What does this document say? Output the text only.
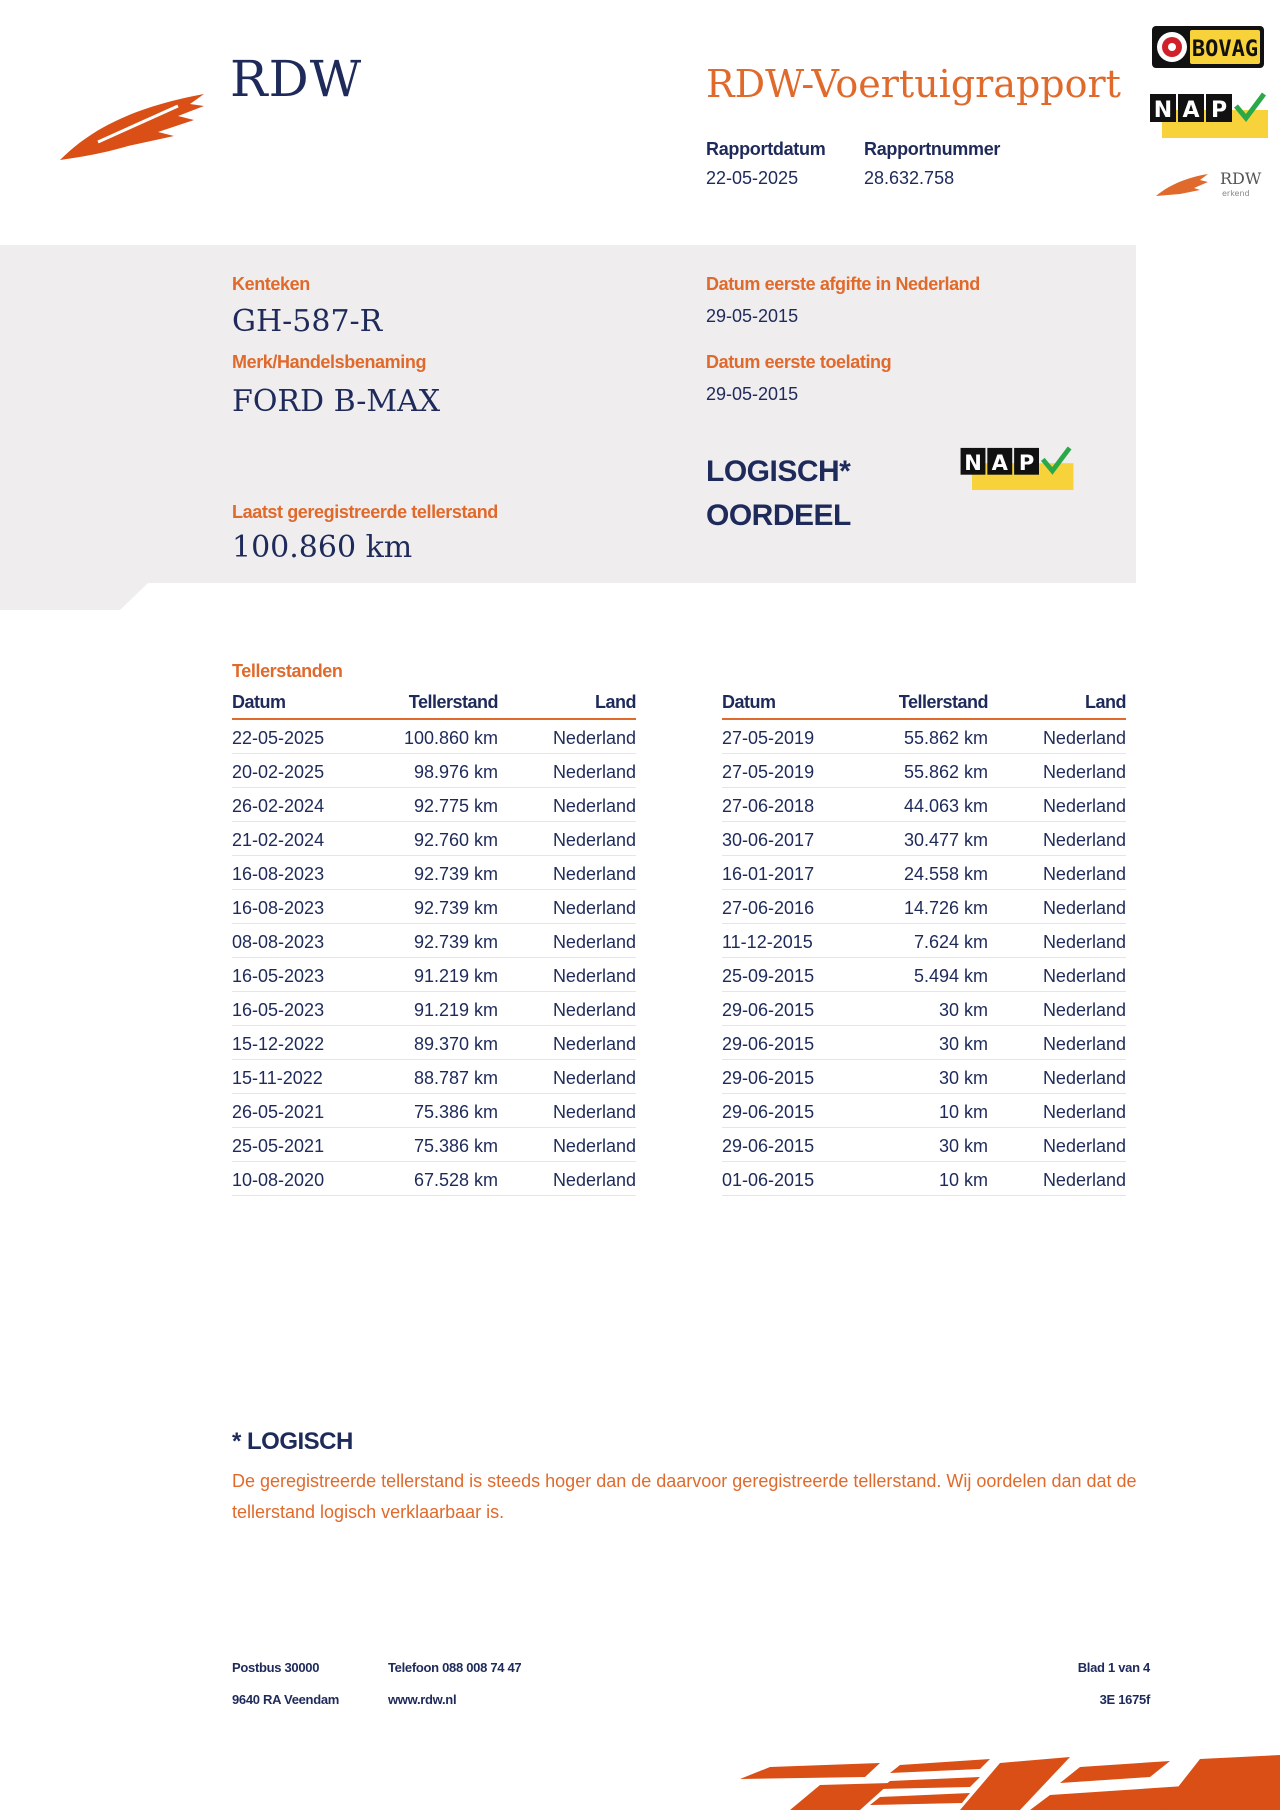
RDW	RDW-Voertuigrapport
Rapportdatum
22-05-2025
Rapportnummer
28.632.758
BOVAG
N A P
RDW
erkend
Kenteken
GH-587-R
Merk/Handelsbenaming
FORD B-MAX
Laatst geregistreerde tellerstand
100.860 km
Datum eerste afgifte in Nederland
29-05-2015
Datum eerste toelating
29-05-2015
LOGISCH*
OORDEEL
N A P
Tellerstanden
Datum	Tellerstand	Land
22-05-2025	100.860 km	Nederland
20-02-2025	98.976 km	Nederland
26-02-2024	92.775 km	Nederland
21-02-2024	92.760 km	Nederland
16-08-2023	92.739 km	Nederland
16-08-2023	92.739 km	Nederland
08-08-2023	92.739 km	Nederland
16-05-2023	91.219 km	Nederland
16-05-2023	91.219 km	Nederland
15-12-2022	89.370 km	Nederland
15-11-2022	88.787 km	Nederland
26-05-2021	75.386 km	Nederland
25-05-2021	75.386 km	Nederland
10-08-2020	67.528 km	Nederland
Datum	Tellerstand	Land
27-05-2019	55.862 km	Nederland
27-05-2019	55.862 km	Nederland
27-06-2018	44.063 km	Nederland
30-06-2017	30.477 km	Nederland
16-01-2017	24.558 km	Nederland
27-06-2016	14.726 km	Nederland
11-12-2015	7.624 km	Nederland
25-09-2015	5.494 km	Nederland
29-06-2015	30 km	Nederland
29-06-2015	30 km	Nederland
29-06-2015	30 km	Nederland
29-06-2015	10 km	Nederland
29-06-2015	30 km	Nederland
01-06-2015	10 km	Nederland
* LOGISCH
De geregistreerde tellerstand is steeds hoger dan de daarvoor geregistreerde tellerstand. Wij oordelen dan dat de tellerstand logisch verklaarbaar is.
Postbus 30000
9640 RA Veendam
Telefoon 088 008 74 47
www.rdw.nl
Blad 1 van 4
3E 1675f
